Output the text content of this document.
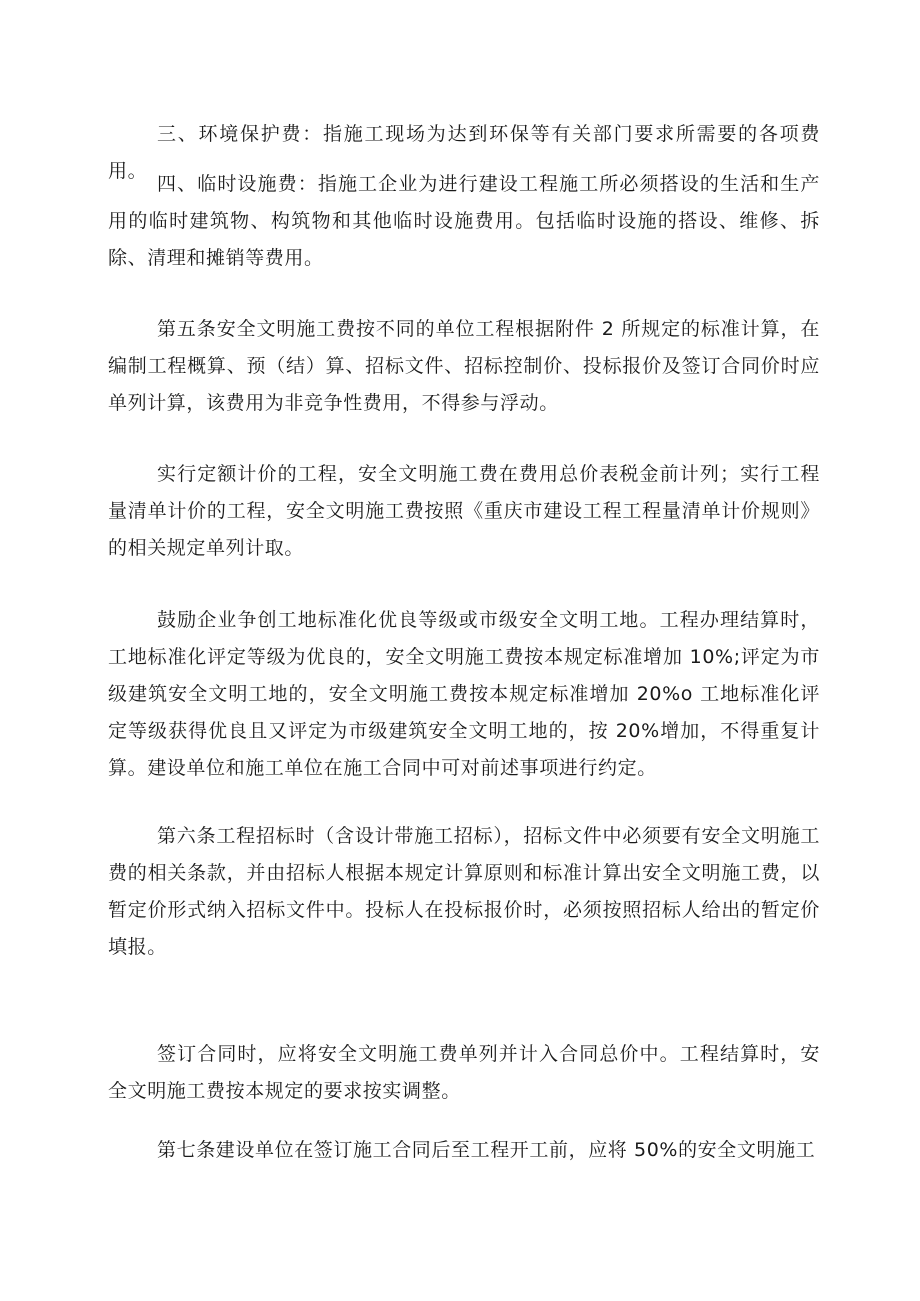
三、环境保护费：指施工现场为达到环保等有关部门要求所需要的各项费用。

四、临时设施费：指施工企业为进行建设工程施工所必须搭设的生活和生产用的临时建筑物、构筑物和其他临时设施费用。包括临时设施的搭设、维修、拆除、清理和摊销等费用。

第五条安全文明施工费按不同的单位工程根据附件 2 所规定的标准计算，在编制工程概算、预（结）算、招标文件、招标控制价、投标报价及签订合同价时应单列计算，该费用为非竞争性费用，不得参与浮动。

实行定额计价的工程，安全文明施工费在费用总价表税金前计列；实行工程量清单计价的工程，安全文明施工费按照《重庆市建设工程工程量清单计价规则》的相关规定单列计取。

鼓励企业争创工地标准化优良等级或市级安全文明工地。工程办理结算时，工地标准化评定等级为优良的，安全文明施工费按本规定标准增加 10%;评定为市级建筑安全文明工地的，安全文明施工费按本规定标准增加 20%o 工地标准化评定等级获得优良且又评定为市级建筑安全文明工地的，按 20%增加，不得重复计算。建设单位和施工单位在施工合同中可对前述事项进行约定。

第六条工程招标时（含设计带施工招标），招标文件中必须要有安全文明施工费的相关条款，并由招标人根据本规定计算原则和标准计算出安全文明施工费，以暂定价形式纳入招标文件中。投标人在投标报价时，必须按照招标人给出的暂定价填报。

签订合同时，应将安全文明施工费单列并计入合同总价中。工程结算时，安全文明施工费按本规定的要求按实调整。

第七条建设单位在签订施工合同后至工程开工前，应将 50%的安全文明施工
